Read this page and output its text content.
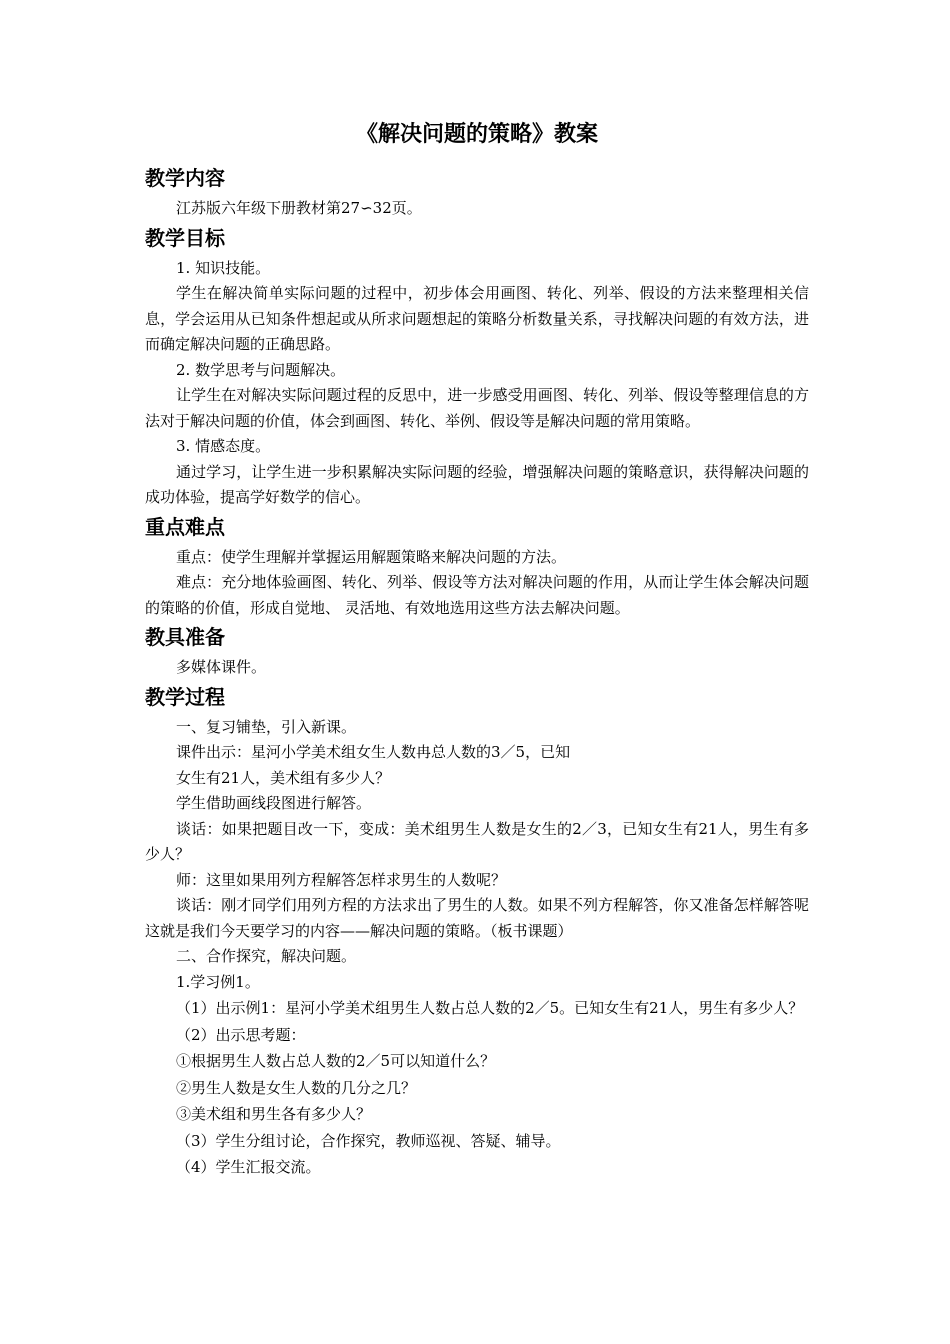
《解决问题的策略》教案
教学内容

江苏版六年级下册教材第27∽32页。

教学目标

1. 知识技能。

学生在解决简单实际问题的过程中，初步体会用画图、转化、列举、假设的方法来整理相关信息，学会运用从已知条件想起或从所求问题想起的策略分析数量关系，寻找解决问题的有效方法，进而确定解决问题的正确思路。

2. 数学思考与问题解决。

让学生在对解决实际问题过程的反思中，进一步感受用画图、转化、列举、假设等整理信息的方法对于解决问题的价值，体会到画图、转化、举例、假设等是解决问题的常用策略。

3. 情感态度。

通过学习，让学生进一步积累解决实际问题的经验，增强解决问题的策略意识，获得解决问题的成功体验，提高学好数学的信心。

重点难点

重点：使学生理解并掌握运用解题策略来解决问题的方法。

难点：充分地体验画图、转化、列举、假设等方法对解决问题的作用，从而让学生体会解决问题的策略的价值，形成自觉地、 灵活地、有效地选用这些方法去解决问题。

教具准备

多媒体课件。

教学过程

一、复习铺垫，引入新课。

课件出示：星河小学美术组女生人数冉总人数的3／5，已知

女生有21人，美术组有多少人？

学生借助画线段图进行解答。

谈话：如果把题目改一下，变成：美术组男生人数是女生的2／3，已知女生有21人，男生有多少人？

师：这里如果用列方程解答怎样求男生的人数呢？

谈话：刚才同学们用列方程的方法求出了男生的人数。如果不列方程解答，你又准备怎样解答呢这就是我们今天要学习的内容——解决问题的策略。（板书课题）

二、合作探究，解决问题。

1.学习例1。

（1）出示例1：星河小学美术组男生人数占总人数的2／5。已知女生有21人，男生有多少人？

（2）出示思考题：

①根据男生人数占总人数的2／5可以知道什么？

②男生人数是女生人数的几分之几？

③美术组和男生各有多少人？

（3）学生分组讨论，合作探究，教师巡视、答疑、辅导。

（4）学生汇报交流。
